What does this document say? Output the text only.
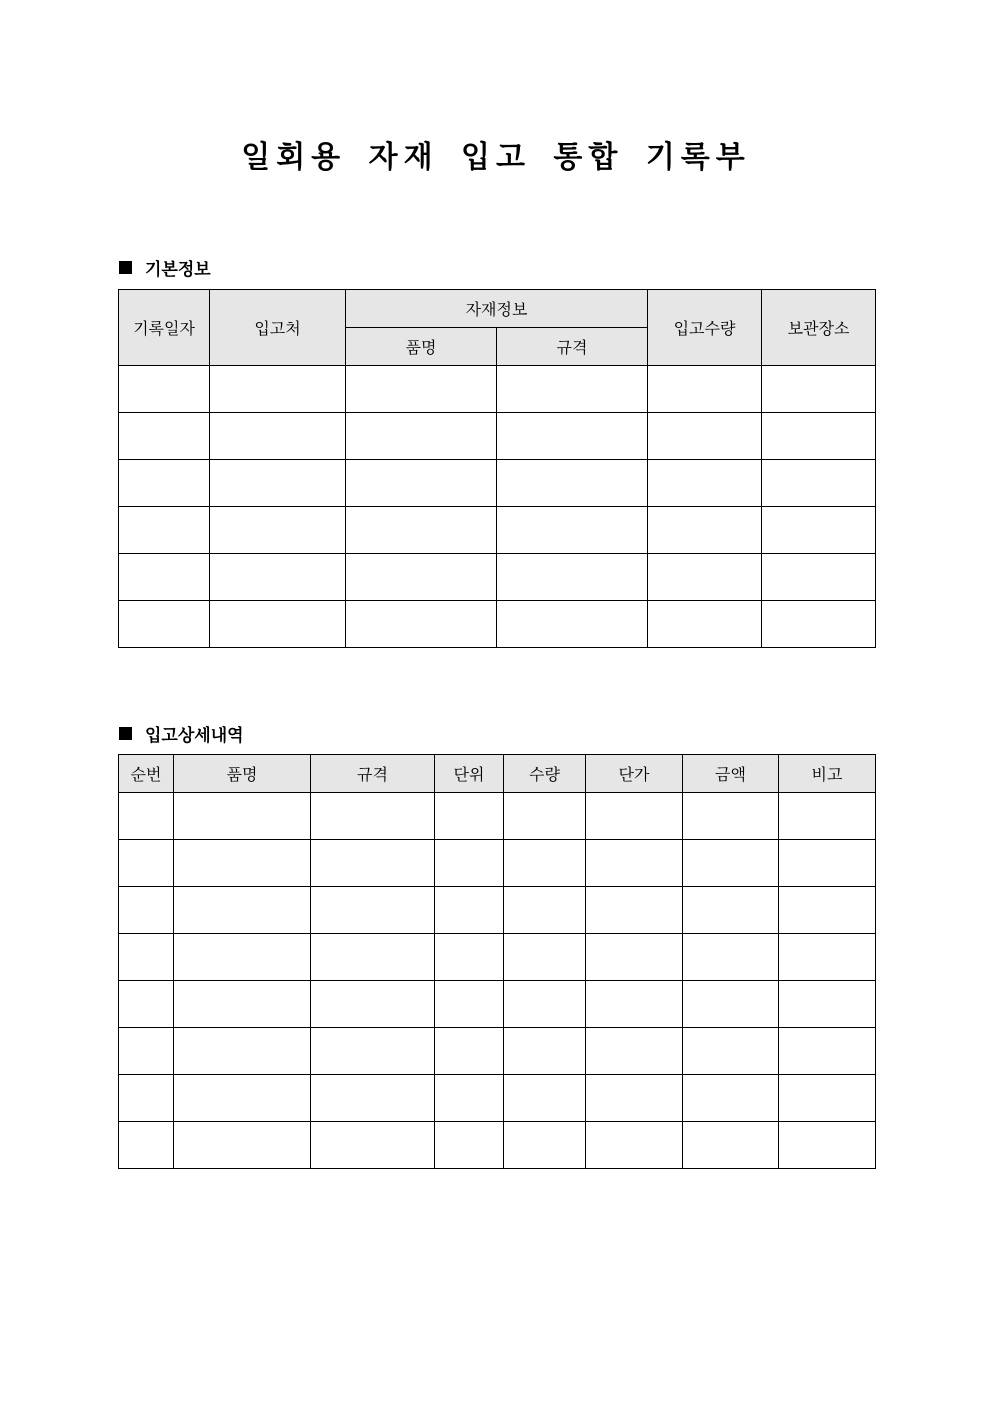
일회용 자재 입고 통합 기록부
기본정보
기록일자	입고처	자재정보		입고수량	보관장소
		품명	규격		

입고상세내역
순번	품명	규격	단위	수량	단가	금액	비고
